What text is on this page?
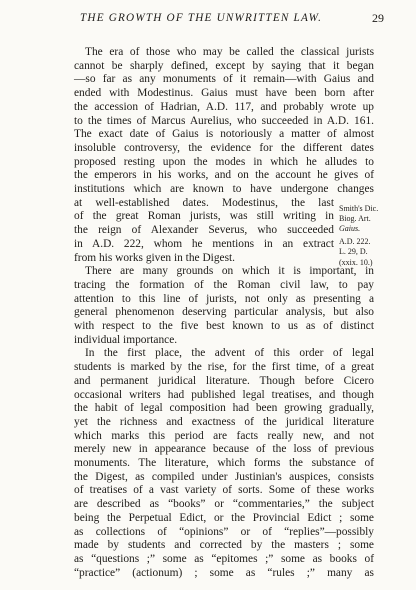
THE GROWTH OF THE UNWRITTEN LAW.	29
The era of those who may be called the classical jurists
cannot be sharply defined, except by saying that it began
—so far as any monuments of it remain—with Gaius and
ended with Modestinus. Gaius must have been born after
the accession of Hadrian, A.D. 117, and probably wrote up
to the times of Marcus Aurelius, who succeeded in A.D. 161.
The exact date of Gaius is notoriously a matter of almost
insoluble controversy, the evidence for the different dates
proposed resting upon the modes in which he alludes to
the emperors in his works, and on the account he gives of
institutions which are known to have undergone changes
at well-established dates. Modestinus, the last
of the great Roman jurists, was still writing in
the reign of Alexander Severus, who succeeded
in A.D. 222, whom he mentions in an extract
from his works given in the Digest.
There are many grounds on which it is important, in
tracing the formation of the Roman civil law, to pay
attention to this line of jurists, not only as presenting a
general phenomenon deserving particular analysis, but also
with respect to the five best known to us as of distinct
individual importance.
In the first place, the advent of this order of legal
students is marked by the rise, for the first time, of a great
and permanent juridical literature. Though before Cicero
occasional writers had published legal treatises, and though
the habit of legal composition had been growing gradually,
yet the richness and exactness of the juridical literature
which marks this period are facts really new, and not
merely new in appearance because of the loss of previous
monuments. The literature, which forms the substance of
the Digest, as compiled under Justinian's auspices, consists
of treatises of a vast variety of sorts. Some of these works
are described as “books” or “commentaries,” the subject
being the Perpetual Edict, or the Provincial Edict ; some
as collections of “opinions” or of “replies”—possibly
made by students and corrected by the masters ; some
as “questions ;” some as “epitomes ;” some as books of
“practice” (actionum) ; some as “rules ;” many as
Smith's Dic.
Biog. Art.
Gaius.
A.D. 222.
L. 29, D.
(xxix. 10.)
